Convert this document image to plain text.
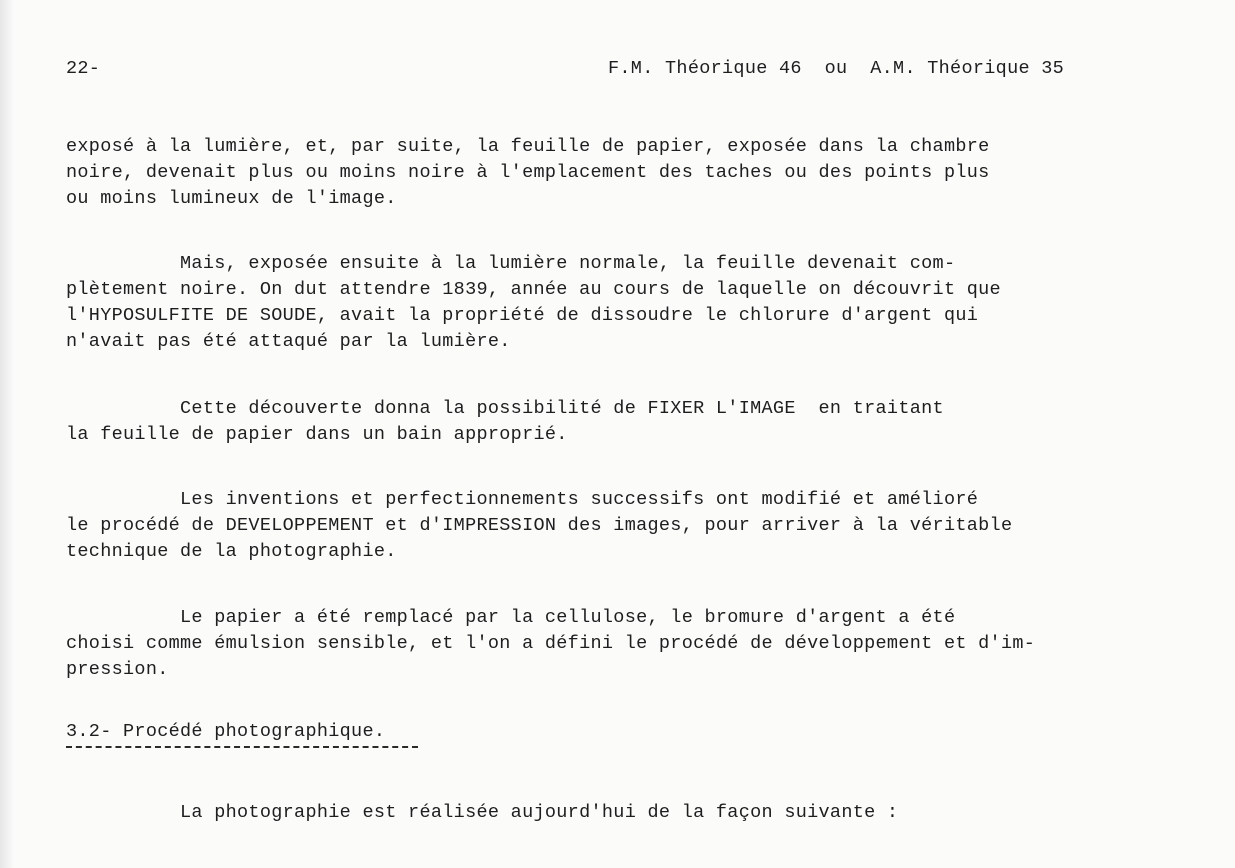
22-	F.M. Théorique 46  ou  A.M. Théorique 35
exposé à la lumière, et, par suite, la feuille de papier, exposée dans la chambre
noire, devenait plus ou moins noire à l'emplacement des taches ou des points plus
ou moins lumineux de l'image.
Mais, exposée ensuite à la lumière normale, la feuille devenait com-
plètement noire. On dut attendre 1839, année au cours de laquelle on découvrit que
l'HYPOSULFITE DE SOUDE, avait la propriété de dissoudre le chlorure d'argent qui
n'avait pas été attaqué par la lumière.
Cette découverte donna la possibilité de FIXER L'IMAGE  en traitant
la feuille de papier dans un bain approprié.
Les inventions et perfectionnements successifs ont modifié et amélioré
le procédé de DEVELOPPEMENT et d'IMPRESSION des images, pour arriver à la véritable
technique de la photographie.
Le papier a été remplacé par la cellulose, le bromure d'argent a été
choisi comme émulsion sensible, et l'on a défini le procédé de développement et d'im-
pression.
3.2- Procédé photographique.
La photographie est réalisée aujourd'hui de la façon suivante :
